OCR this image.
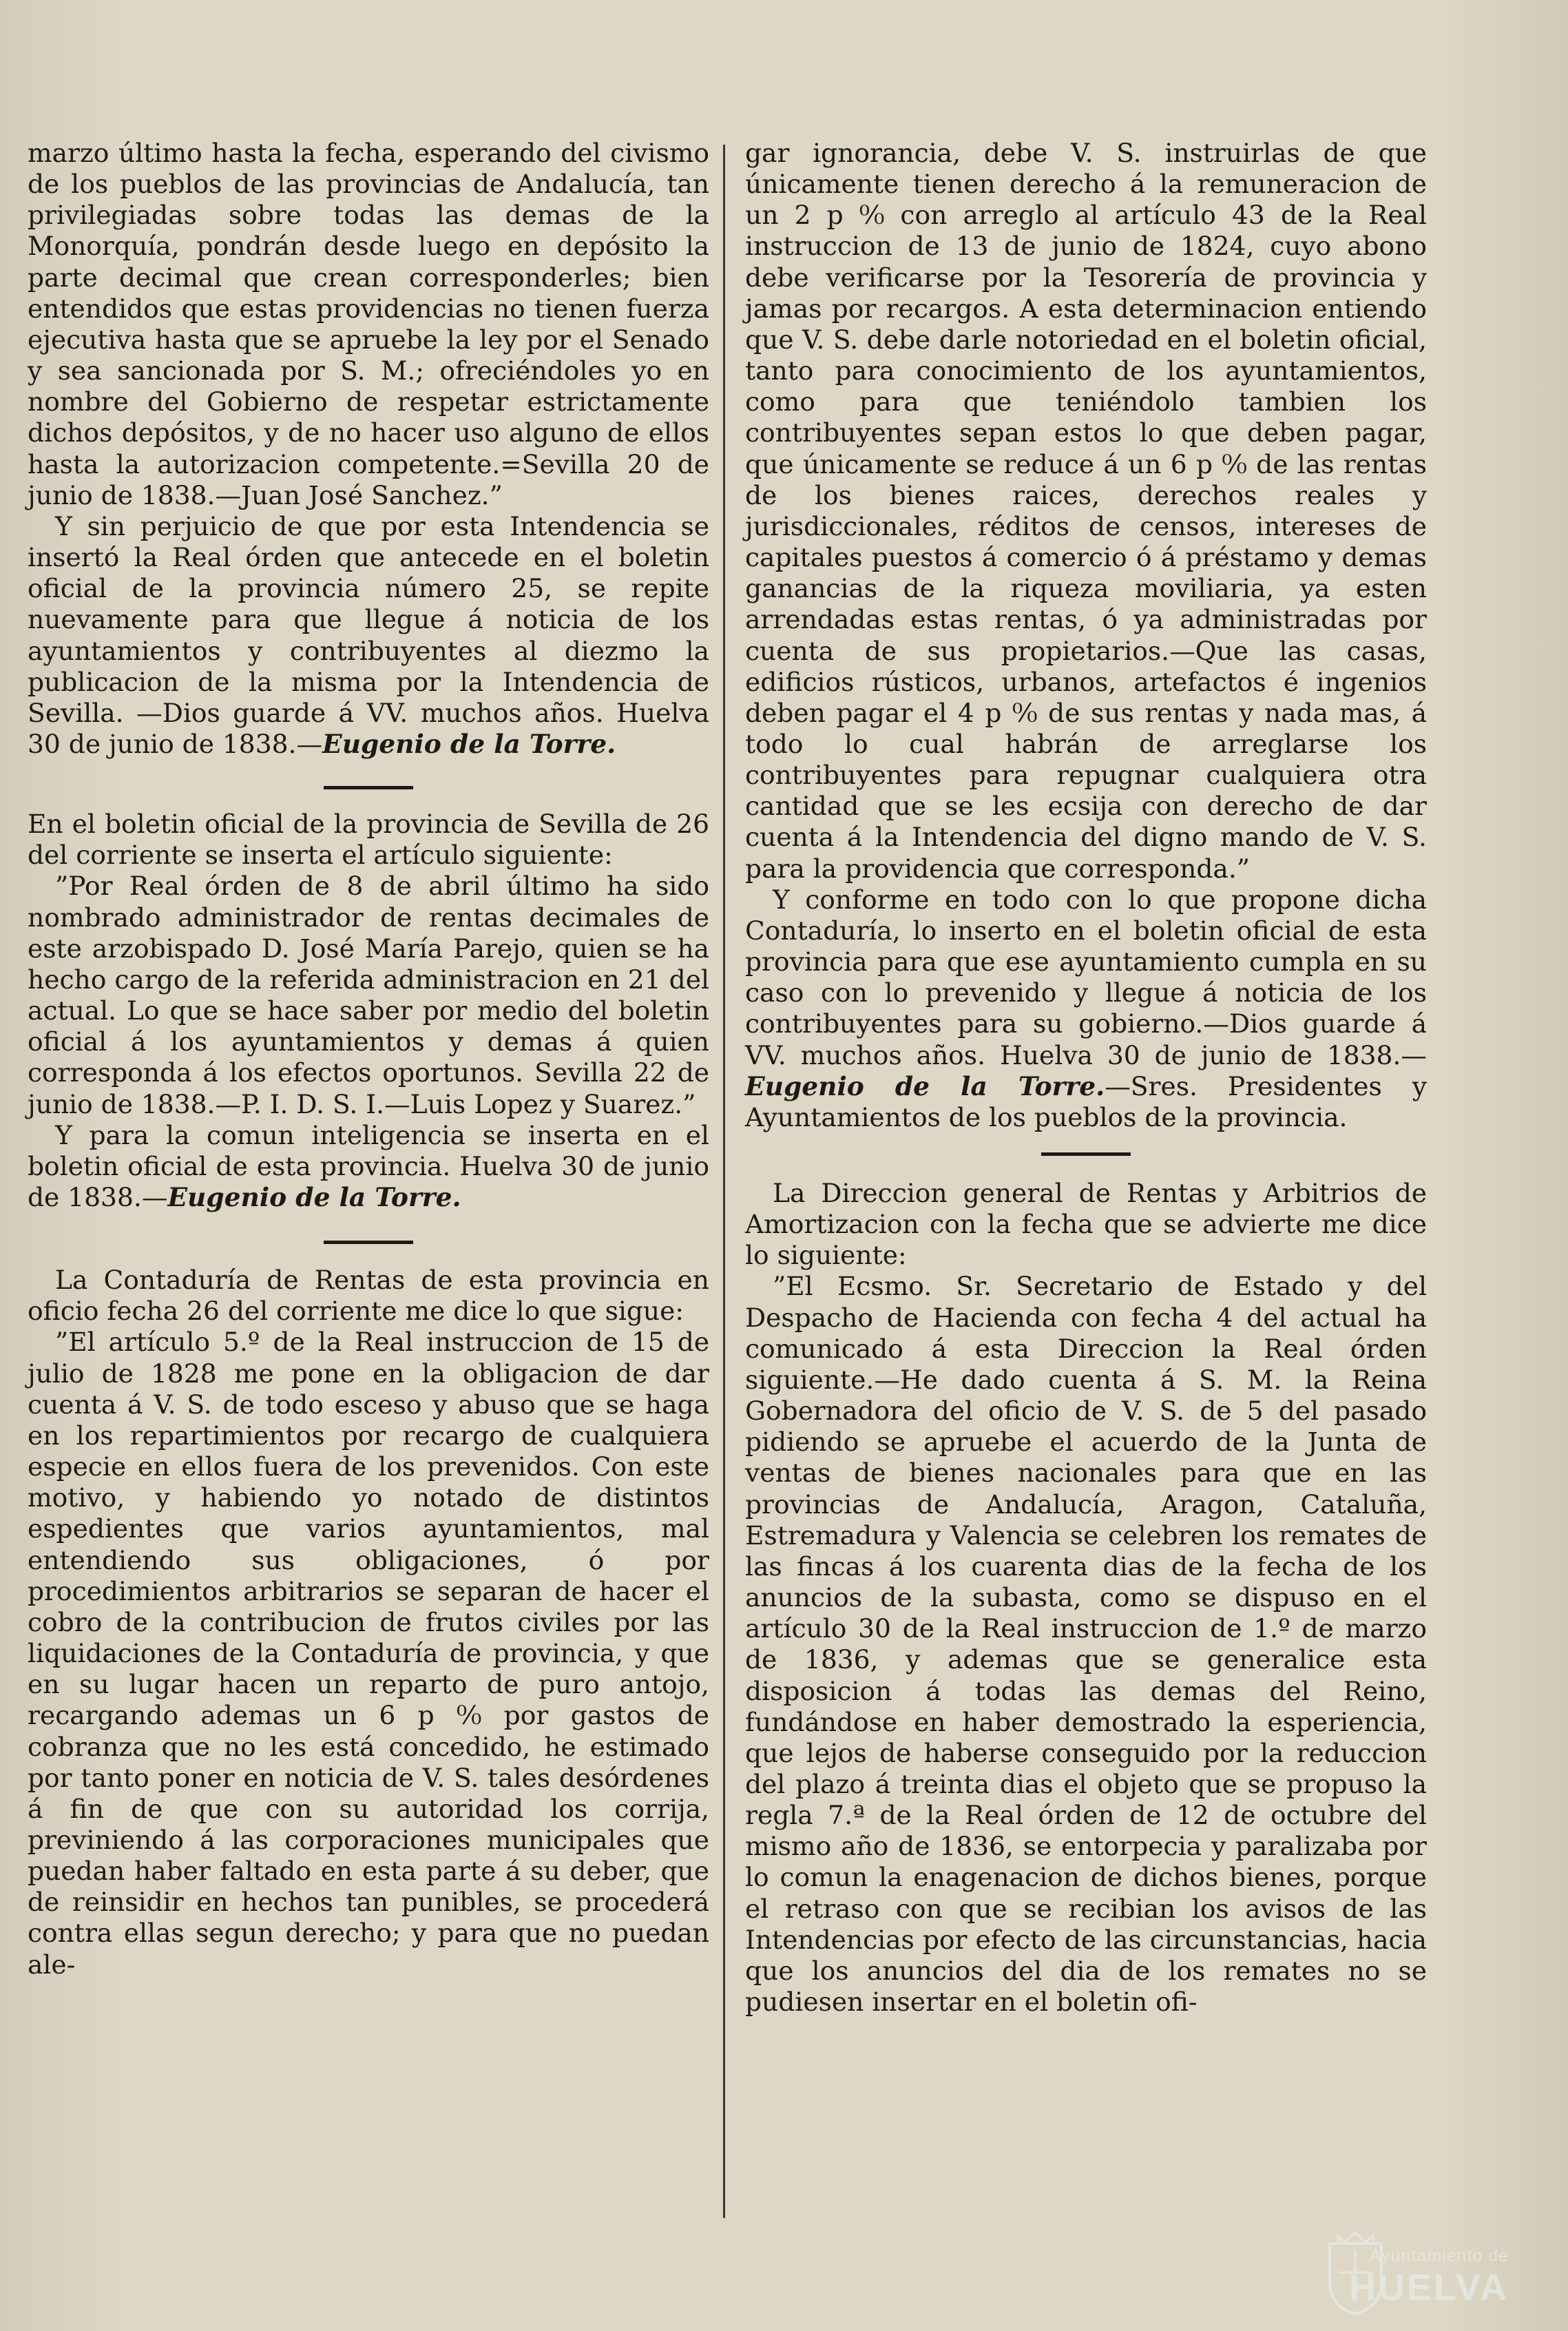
marzo último hasta la fecha, esperando del civismo de los pueblos de las provincias de Andalucía, tan privilegiadas sobre todas las demas de la Monorquía, pondrán desde luego en depósito la parte decimal que crean corresponderles; bien entendidos que estas providencias no tienen fuerza ejecutiva hasta que se apruebe la ley por el Senado y sea sancionada por S. M.; ofreciéndoles yo en nombre del Gobierno de respetar estrictamente dichos depósitos, y de no hacer uso alguno de ellos hasta la autorizacion competente.=Sevilla 20 de junio de 1838.—Juan José Sanchez.”

Y sin perjuicio de que por esta Intendencia se insertó la Real órden que antecede en el boletin oficial de la provincia número 25, se repite nuevamente para que llegue á noticia de los ayuntamientos y contribuyentes al diezmo la publicacion de la misma por la Intendencia de Sevilla. —Dios guarde á VV. muchos años. Huelva 30 de junio de 1838.—Eugenio de la Torre.

En el boletin oficial de la provincia de Sevilla de 26 del corriente se inserta el artículo siguiente:

”Por Real órden de 8 de abril último ha sido nombrado administrador de rentas decimales de este arzobispado D. José María Parejo, quien se ha hecho cargo de la referida administracion en 21 del actual. Lo que se hace saber por medio del boletin oficial á los ayuntamientos y demas á quien corresponda á los efectos oportunos. Sevilla 22 de junio de 1838.—P. I. D. S. I.—Luis Lopez y Suarez.”

Y para la comun inteligencia se inserta en el boletin oficial de esta provincia. Huelva 30 de junio de 1838.—Eugenio de la Torre.

La Contaduría de Rentas de esta provincia en oficio fecha 26 del corriente me dice lo que sigue:

”El artículo 5.º de la Real instruccion de 15 de julio de 1828 me pone en la obligacion de dar cuenta á V. S. de todo esceso y abuso que se haga en los repartimientos por recargo de cualquiera especie en ellos fuera de los prevenidos. Con este motivo, y habiendo yo notado de distintos espedientes que varios ayuntamientos, mal entendiendo sus obligaciones, ó por procedimientos arbitrarios se separan de hacer el cobro de la contribucion de frutos civiles por las liquidaciones de la Contaduría de provincia, y que en su lugar hacen un reparto de puro antojo, recargando ademas un 6 p ⁰⁄₀ por gastos de cobranza que no les está concedido, he estimado por tanto poner en noticia de V. S. tales desórdenes á fin de que con su autoridad los corrija, previniendo á las corporaciones municipales que puedan haber faltado en esta parte á su deber, que de reinsidir en hechos tan punibles, se procederá contra ellas segun derecho; y para que no puedan ale-

gar ignorancia, debe V. S. instruirlas de que únicamente tienen derecho á la remuneracion de un 2 p ⁰⁄₀ con arreglo al artículo 43 de la Real instruccion de 13 de junio de 1824, cuyo abono debe verificarse por la Tesorería de provincia y jamas por recargos. A esta determinacion entiendo que V. S. debe darle notoriedad en el boletin oficial, tanto para conocimiento de los ayuntamientos, como para que teniéndolo tambien los contribuyentes sepan estos lo que deben pagar, que únicamente se reduce á un 6 p ⁰⁄₀ de las rentas de los bienes raices, derechos reales y jurisdiccionales, réditos de censos, intereses de capitales puestos á comercio ó á préstamo y demas ganancias de la riqueza moviliaria, ya esten arrendadas estas rentas, ó ya administradas por cuenta de sus propietarios.—Que las casas, edificios rústicos, urbanos, artefactos é ingenios deben pagar el 4 p ⁰⁄₀ de sus rentas y nada mas, á todo lo cual habrán de arreglarse los contribuyentes para repugnar cualquiera otra cantidad que se les ecsija con derecho de dar cuenta á la Intendencia del digno mando de V. S. para la providencia que corresponda.”

Y conforme en todo con lo que propone dicha Contaduría, lo inserto en el boletin oficial de esta provincia para que ese ayuntamiento cumpla en su caso con lo prevenido y llegue á noticia de los contribuyentes para su gobierno.—Dios guarde á VV. muchos años. Huelva 30 de junio de 1838.—Eugenio de la Torre.—Sres. Presidentes y Ayuntamientos de los pueblos de la provincia.

La Direccion general de Rentas y Arbitrios de Amortizacion con la fecha que se advierte me dice lo siguiente:

”El Ecsmo. Sr. Secretario de Estado y del Despacho de Hacienda con fecha 4 del actual ha comunicado á esta Direccion la Real órden siguiente.—He dado cuenta á S. M. la Reina Gobernadora del oficio de V. S. de 5 del pasado pidiendo se apruebe el acuerdo de la Junta de ventas de bienes nacionales para que en las provincias de Andalucía, Aragon, Cataluña, Estremadura y Valencia se celebren los remates de las fincas á los cuarenta dias de la fecha de los anuncios de la subasta, como se dispuso en el artículo 30 de la Real instruccion de 1.º de marzo de 1836, y ademas que se generalice esta disposicion á todas las demas del Reino, fundándose en haber demostrado la esperiencia, que lejos de haberse conseguido por la reduccion del plazo á treinta dias el objeto que se propuso la regla 7.ª de la Real órden de 12 de octubre del mismo año de 1836, se entorpecia y paralizaba por lo comun la enagenacion de dichos bienes, porque el retraso con que se recibian los avisos de las Intendencias por efecto de las circunstancias, hacia que los anuncios del dia de los remates no se pudiesen insertar en el boletin ofi-

Ayuntamiento de
HUELVA
